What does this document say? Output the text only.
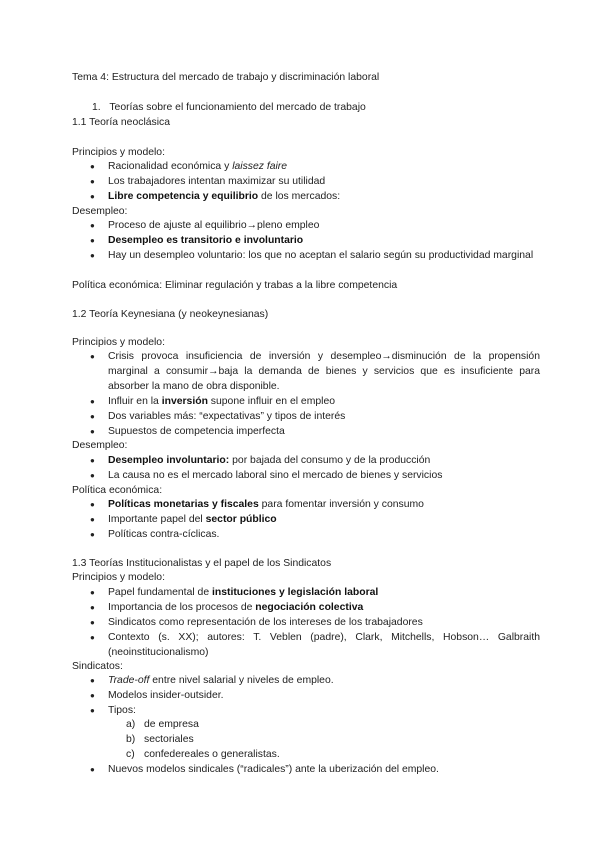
Tema 4: Estructura del mercado de trabajo y discriminación laboral
1. Teorías sobre el funcionamiento del mercado de trabajo
1.1 Teoría neoclásica
Principios y modelo:
●	Racionalidad económica y laissez faire
●	Los trabajadores intentan maximizar su utilidad
●	Libre competencia y equilibrio de los mercados:
Desempleo:
●	Proceso de ajuste al equilibrio→pleno empleo
●	Desempleo es transitorio e involuntario
●	Hay un desempleo voluntario: los que no aceptan el salario según su productividad marginal
Política económica: Eliminar regulación y trabas a la libre competencia
1.2 Teoría Keynesiana (y neokeynesianas)
Principios y modelo:
●	Crisis provoca insuficiencia de inversión y desempleo→disminución de la propensión marginal a consumir→baja la demanda de bienes y servicios que es insuficiente para absorber la mano de obra disponible.
●	Influir en la inversión supone influir en el empleo
●	Dos variables más: “expectativas” y tipos de interés
●	Supuestos de competencia imperfecta
Desempleo:
●	Desempleo involuntario: por bajada del consumo y de la producción
●	La causa no es el mercado laboral sino el mercado de bienes y servicios
Política económica:
●	Políticas monetarias y fiscales para fomentar inversión y consumo
●	Importante papel del sector público
●	Políticas contra-cíclicas.
1.3 Teorías Institucionalistas y el papel de los Sindicatos
Principios y modelo:
●	Papel fundamental de instituciones y legislación laboral
●	Importancia de los procesos de negociación colectiva
●	Sindicatos como representación de los intereses de los trabajadores
●	Contexto (s. XX); autores: T. Veblen (padre), Clark, Mitchells, Hobson… Galbraith (neoinstitucionalismo)
Sindicatos:
●	Trade-off entre nivel salarial y niveles de empleo.
●	Modelos insider-outsider.
●	Tipos:
a) de empresa
b) sectoriales
c) confedereales o generalistas.
●	Nuevos modelos sindicales (“radicales”) ante la uberización del empleo.
